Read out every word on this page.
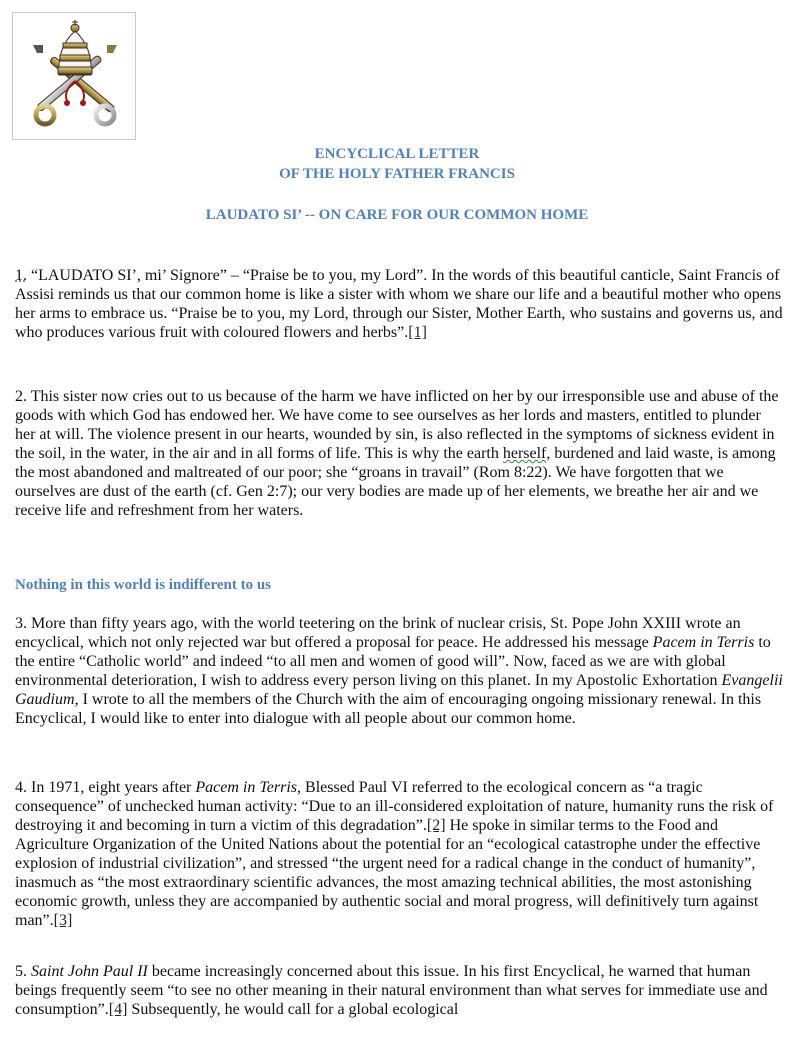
ENCYCLICAL LETTER
OF THE HOLY FATHER FRANCIS
LAUDATO SI’ -- ON CARE FOR OUR COMMON HOME

1. “LAUDATO SI’, mi’ Signore” – “Praise be to you, my Lord”. In the words of this beautiful canticle, Saint Francis of Assisi reminds us that our common home is like a sister with whom we share our life and a beautiful mother who opens her arms to embrace us. “Praise be to you, my Lord, through our Sister, Mother Earth, who sustains and governs us, and who produces various fruit with coloured flowers and herbs”.[1]

2. This sister now cries out to us because of the harm we have inflicted on her by our irresponsible use and abuse of the goods with which God has endowed her. We have come to see ourselves as her lords and masters, entitled to plunder her at will. The violence present in our hearts, wounded by sin, is also reflected in the symptoms of sickness evident in the soil, in the water, in the air and in all forms of life. This is why the earth herself, burdened and laid waste, is among the most abandoned and maltreated of our poor; she “groans in travail” (Rom 8:22). We have forgotten that we ourselves are dust of the earth (cf. Gen 2:7); our very bodies are made up of her elements, we breathe her air and we receive life and refreshment from her waters.

Nothing in this world is indifferent to us

3. More than fifty years ago, with the world teetering on the brink of nuclear crisis, St. Pope John XXIII wrote an encyclical, which not only rejected war but offered a proposal for peace. He addressed his message Pacem in Terris to the entire “Catholic world” and indeed “to all men and women of good will”. Now, faced as we are with global environmental deterioration, I wish to address every person living on this planet. In my Apostolic Exhortation Evangelii Gaudium, I wrote to all the members of the Church with the aim of encouraging ongoing missionary renewal. In this Encyclical, I would like to enter into dialogue with all people about our common home.

4. In 1971, eight years after Pacem in Terris, Blessed Paul VI referred to the ecological concern as “a tragic consequence” of unchecked human activity: “Due to an ill-considered exploitation of nature, humanity runs the risk of destroying it and becoming in turn a victim of this degradation”.[2] He spoke in similar terms to the Food and Agriculture Organization of the United Nations about the potential for an “ecological catastrophe under the effective explosion of industrial civilization”, and stressed “the urgent need for a radical change in the conduct of humanity”, inasmuch as “the most extraordinary scientific advances, the most amazing technical abilities, the most astonishing economic growth, unless they are accompanied by authentic social and moral progress, will definitively turn against man”.[3]

5. Saint John Paul II became increasingly concerned about this issue. In his first Encyclical, he warned that human beings frequently seem “to see no other meaning in their natural environment than what serves for immediate use and consumption”.[4] Subsequently, he would call for a global ecological
